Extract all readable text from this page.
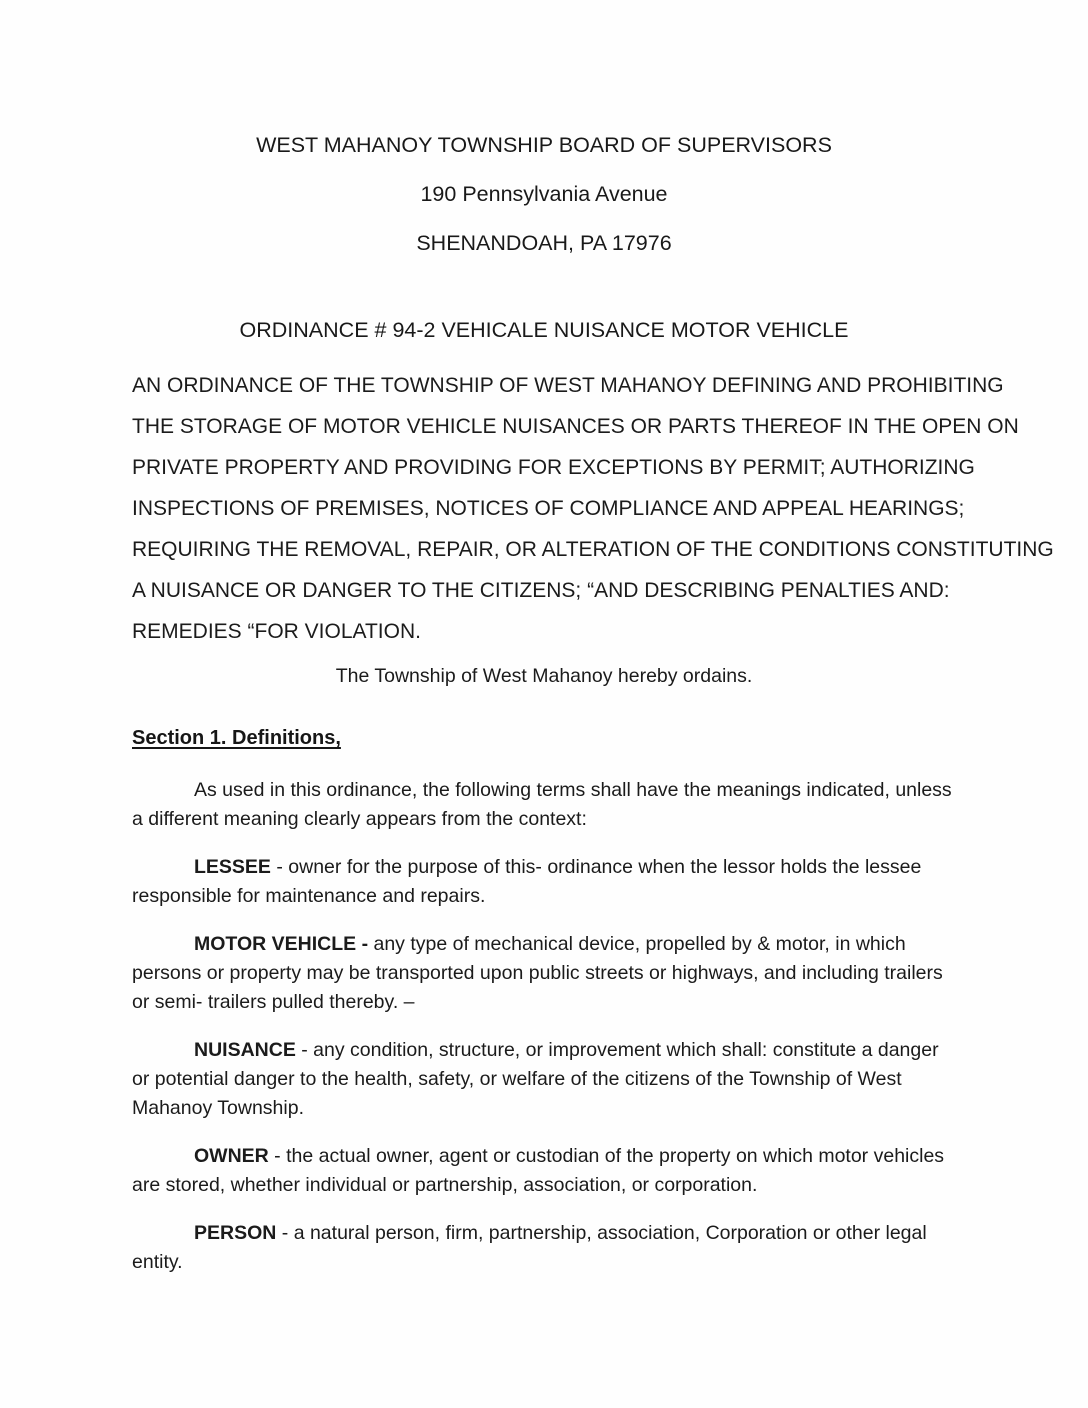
WEST MAHANOY TOWNSHIP BOARD OF SUPERVISORS
190 Pennsylvania Avenue
SHENANDOAH, PA 17976
ORDINANCE # 94-2 VEHICALE NUISANCE MOTOR VEHICLE
AN ORDINANCE OF THE TOWNSHIP OF WEST MAHANOY DEFINING AND PROHIBITING
THE STORAGE OF MOTOR VEHICLE NUISANCES OR PARTS THEREOF IN THE OPEN ON
PRIVATE PROPERTY AND PROVIDING FOR EXCEPTIONS BY PERMIT; AUTHORIZING
INSPECTIONS OF PREMISES, NOTICES OF COMPLIANCE AND APPEAL HEARINGS;
REQUIRING THE REMOVAL, REPAIR, OR ALTERATION OF THE CONDITIONS CONSTITUTING
A NUISANCE OR DANGER TO THE CITIZENS; “AND DESCRIBING PENALTIES AND:
REMEDIES “FOR VIOLATION.
The Township of West Mahanoy hereby ordains.
Section 1. Definitions,

As used in this ordinance, the following terms shall have the meanings indicated, unless a different meaning clearly appears from the context:

LESSEE - owner for the purpose of this- ordinance when the lessor holds the lessee responsible for maintenance and repairs.

MOTOR VEHICLE - any type of mechanical device, propelled by & motor, in which persons or property may be transported upon public streets or highways, and including trailers or semi- trailers pulled thereby. –

NUISANCE - any condition, structure, or improvement which shall: constitute a danger or potential danger to the health, safety, or welfare of the citizens of the Township of West Mahanoy Township.

OWNER - the actual owner, agent or custodian of the property on which motor vehicles are stored, whether individual or partnership, association, or corporation.

PERSON - a natural person, firm, partnership, association, Corporation or other legal entity.
